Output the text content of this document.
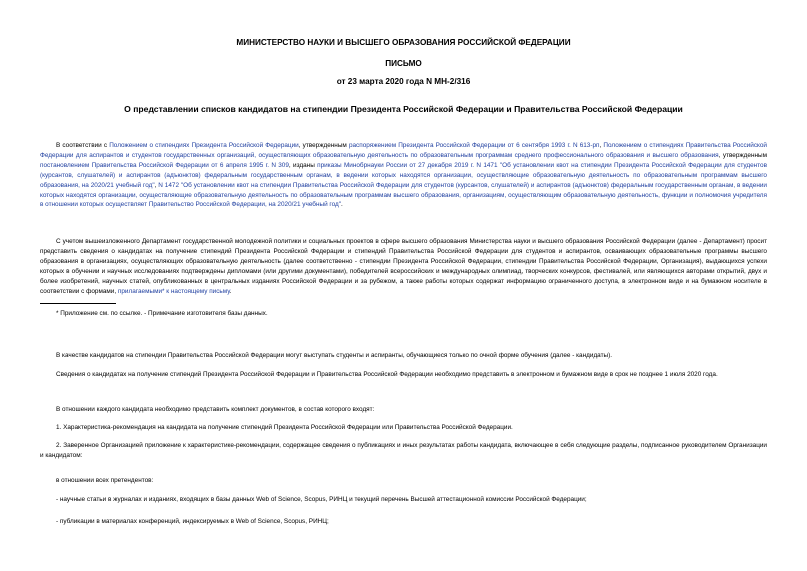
МИНИСТЕРСТВО НАУКИ И ВЫСШЕГО ОБРАЗОВАНИЯ РОССИЙСКОЙ ФЕДЕРАЦИИ
ПИСЬМО
от 23 марта 2020 года N МН-2/316
О представлении списков кандидатов на стипендии Президента Российской Федерации и Правительства Российской Федерации

В соответствии с Положением о стипендиях Президента Российской Федерации, утвержденным распоряжением Президента Российской Федерации от 6 сентября 1993 г. N 613-рп, Положением о стипендиях Правительства Российской Федерации для аспирантов и студентов государственных организаций, осуществляющих образовательную деятельность по образовательным программам среднего профессионального образования и высшего образования, утвержденным постановлением Правительства Российской Федерации от 6 апреля 1995 г. N 309, изданы приказы Минобрнауки России от 27 декабря 2019 г. N 1471 "Об установлении квот на стипендии Президента Российской Федерации для студентов (курсантов, слушателей) и аспирантов (адъюнктов) федеральным государственным органам, в ведении которых находятся организации, осуществляющие образовательную деятельность по образовательным программам высшего образования, на 2020/21 учебный год", N 1472 "Об установлении квот на стипендии Правительства Российской Федерации для студентов (курсантов, слушателей) и аспирантов (адъюнктов) федеральным государственным органам, в ведении которых находятся организации, осуществляющие образовательную деятельность по образовательным программам высшего образования, организациям, осуществляющим образовательную деятельность, функции и полномочия учредителя в отношении которых осуществляет Правительство Российской Федерации, на 2020/21 учебный год".

С учетом вышеизложенного Департамент государственной молодежной политики и социальных проектов в сфере высшего образования Министерства науки и высшего образования Российской Федерации (далее - Департамент) просит представить сведения о кандидатах на получение стипендий Президента Российской Федерации и стипендий Правительства Российской Федерации для студентов и аспирантов, осваивающих образовательные программы высшего образования в организациях, осуществляющих образовательную деятельность (далее соответственно - стипендии Президента Российской Федерации, стипендии Правительства Российской Федерации, Организация), выдающихся успехи которых в обучении и научных исследованиях подтверждены дипломами (или другими документами), победителей всероссийских и международных олимпиад, творческих конкурсов, фестивалей, или являющихся авторами открытий, двух и более изобретений, научных статей, опубликованных в центральных изданиях Российской Федерации и за рубежом, а также работы которых содержат информацию ограниченного доступа, в электронном виде и на бумажном носителе в соответствии с формами, прилагаемыми* к настоящему письму.

* Приложение см. по ссылке. - Примечание изготовителя базы данных.

В качестве кандидатов на стипендии Правительства Российской Федерации могут выступать студенты и аспиранты, обучающиеся только по очной форме обучения (далее - кандидаты).

Сведения о кандидатах на получение стипендий Президента Российской Федерации и Правительства Российской Федерации необходимо представить в электронном и бумажном виде в срок не позднее 1 июля 2020 года.

В отношении каждого кандидата необходимо представить комплект документов, в состав которого входят:

1. Характеристика-рекомендация на кандидата на получение стипендий Президента Российской Федерации или Правительства Российской Федерации.

2. Заверенное Организацией приложение к характеристике-рекомендации, содержащее сведения о публикациях и иных результатах работы кандидата, включающее в себя следующие разделы, подписанное руководителем Организации и кандидатом:

в отношении всех претендентов:

- научные статьи в журналах и изданиях, входящих в базы данных Web of Science, Scopus, РИНЦ и текущий перечень Высшей аттестационной комиссии Российской Федерации;

- публикации в материалах конференций, индексируемых в Web of Science, Scopus, РИНЦ;
